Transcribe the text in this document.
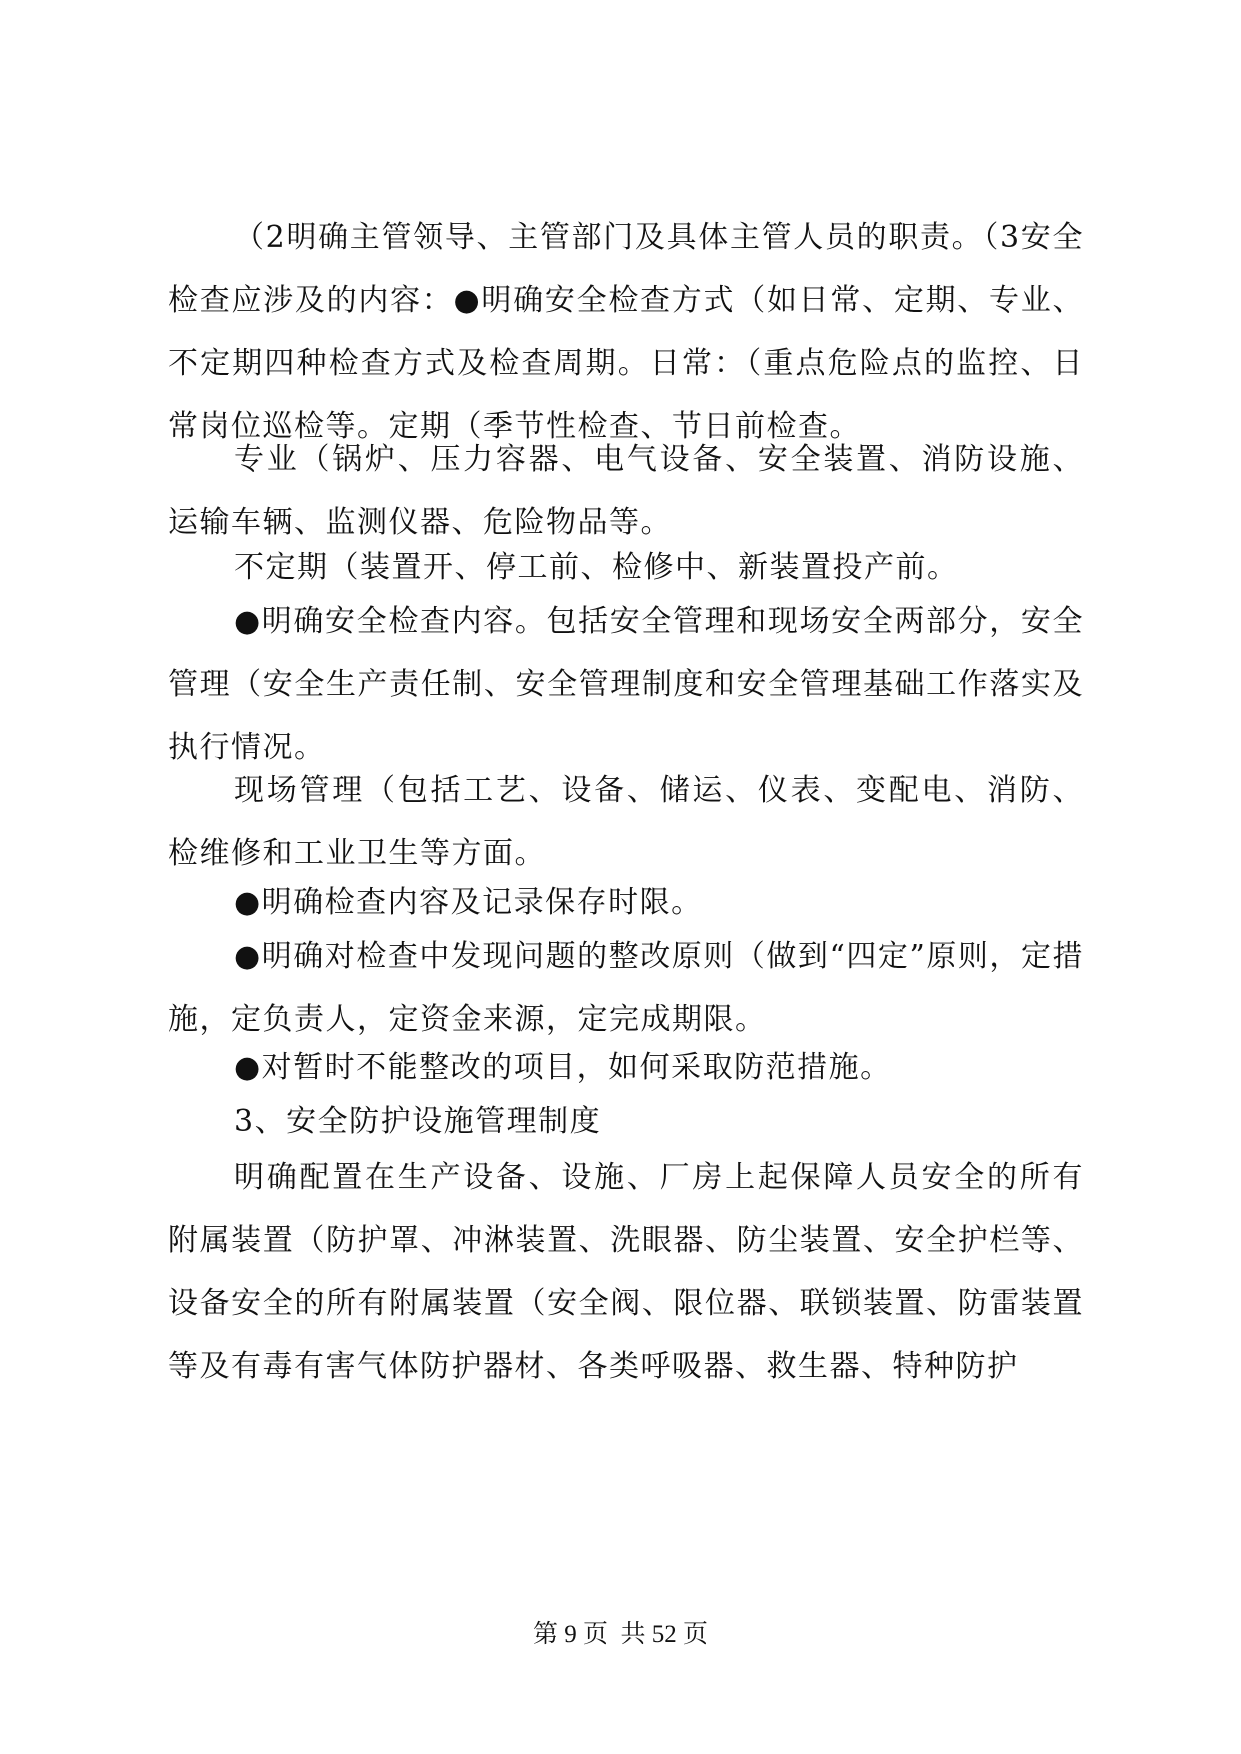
（2明确主管领导、主管部门及具体主管人员的职责。（3安全检查应涉及的内容：●明确安全检查方式（如日常、定期、专业、不定期四种检查方式及检查周期。日常：（重点危险点的监控、日常岗位巡检等。定期（季节性检查、节日前检查。

专业（锅炉、压力容器、电气设备、安全装置、消防设施、运输车辆、监测仪器、危险物品等。

不定期（装置开、停工前、检修中、新装置投产前。

●明确安全检查内容。包括安全管理和现场安全两部分，安全管理（安全生产责任制、安全管理制度和安全管理基础工作落实及执行情况。

现场管理（包括工艺、设备、储运、仪表、变配电、消防、检维修和工业卫生等方面。

●明确检查内容及记录保存时限。

●明确对检查中发现问题的整改原则（做到“四定”原则，定措施，定负责人，定资金来源，定完成期限。

●对暂时不能整改的项目，如何采取防范措施。

3、安全防护设施管理制度

明确配置在生产设备、设施、厂房上起保障人员安全的所有附属装置（防护罩、冲淋装置、洗眼器、防尘装置、安全护栏等、设备安全的所有附属装置（安全阀、限位器、联锁装置、防雷装置等及有毒有害气体防护器材、各类呼吸器、救生器、特种防护

第 9 页  共 52 页
